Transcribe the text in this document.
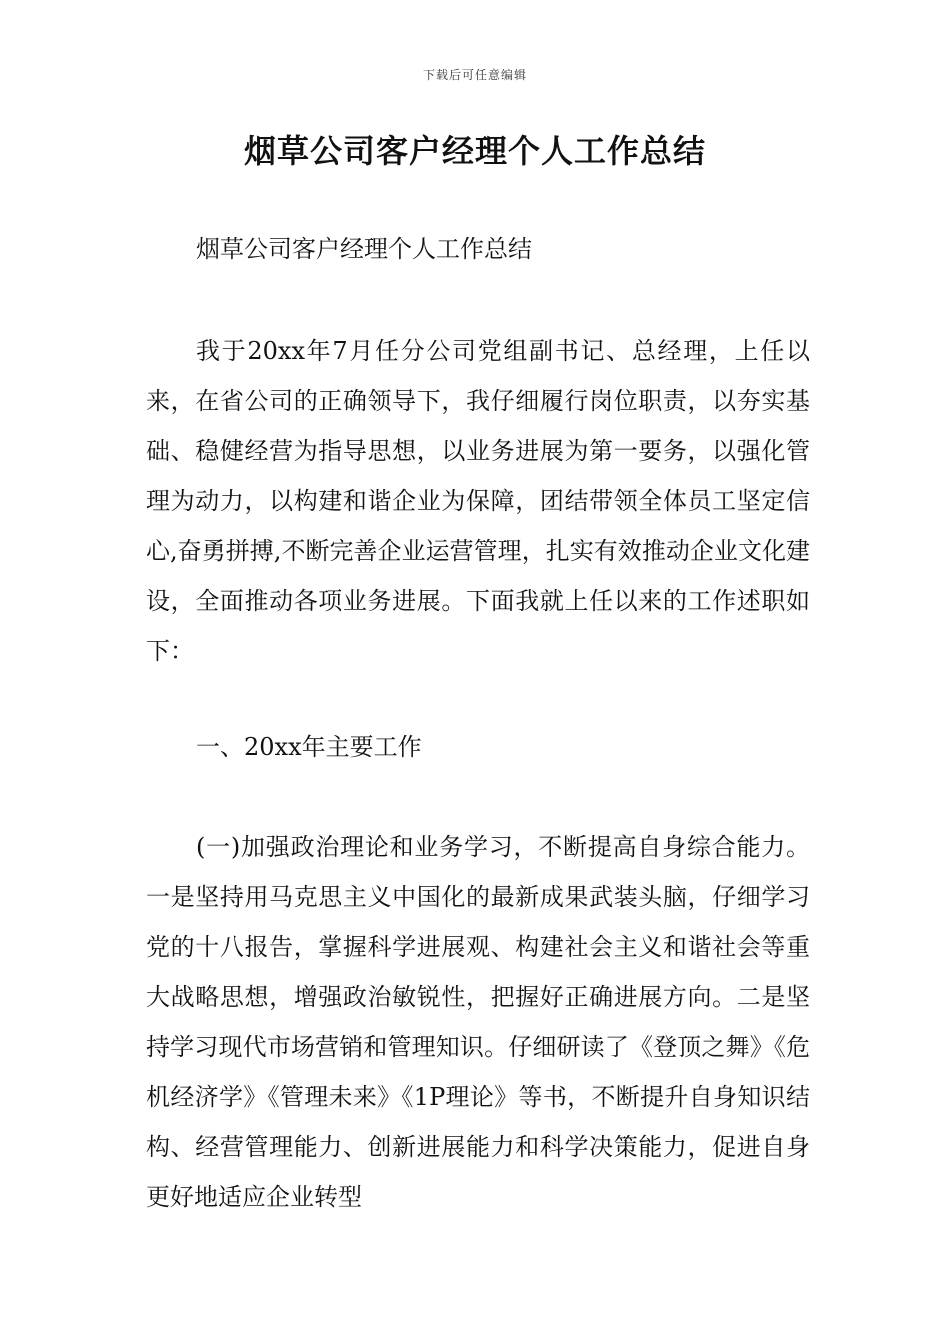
下载后可任意编辑
烟草公司客户经理个人工作总结

烟草公司客户经理个人工作总结

我于20xx年7月任分公司党组副书记、总经理，上任以来，在省公司的正确领导下，我仔细履行岗位职责，以夯实基础、稳健经营为指导思想，以业务进展为第一要务，以强化管理为动力，以构建和谐企业为保障，团结带领全体员工坚定信心,奋勇拼搏,不断完善企业运营管理，扎实有效推动企业文化建设，全面推动各项业务进展。下面我就上任以来的工作述职如下：

一、20xx年主要工作

(一)加强政治理论和业务学习，不断提高自身综合能力。一是坚持用马克思主义中国化的最新成果武装头脑，仔细学习党的十八报告，掌握科学进展观、构建社会主义和谐社会等重大战略思想，增强政治敏锐性，把握好正确进展方向。二是坚持学习现代市场营销和管理知识。仔细研读了《登顶之舞》《危机经济学》《管理未来》《1P理论》等书，不断提升自身知识结构、经营管理能力、创新进展能力和科学决策能力，促进自身更好地适应企业转型
